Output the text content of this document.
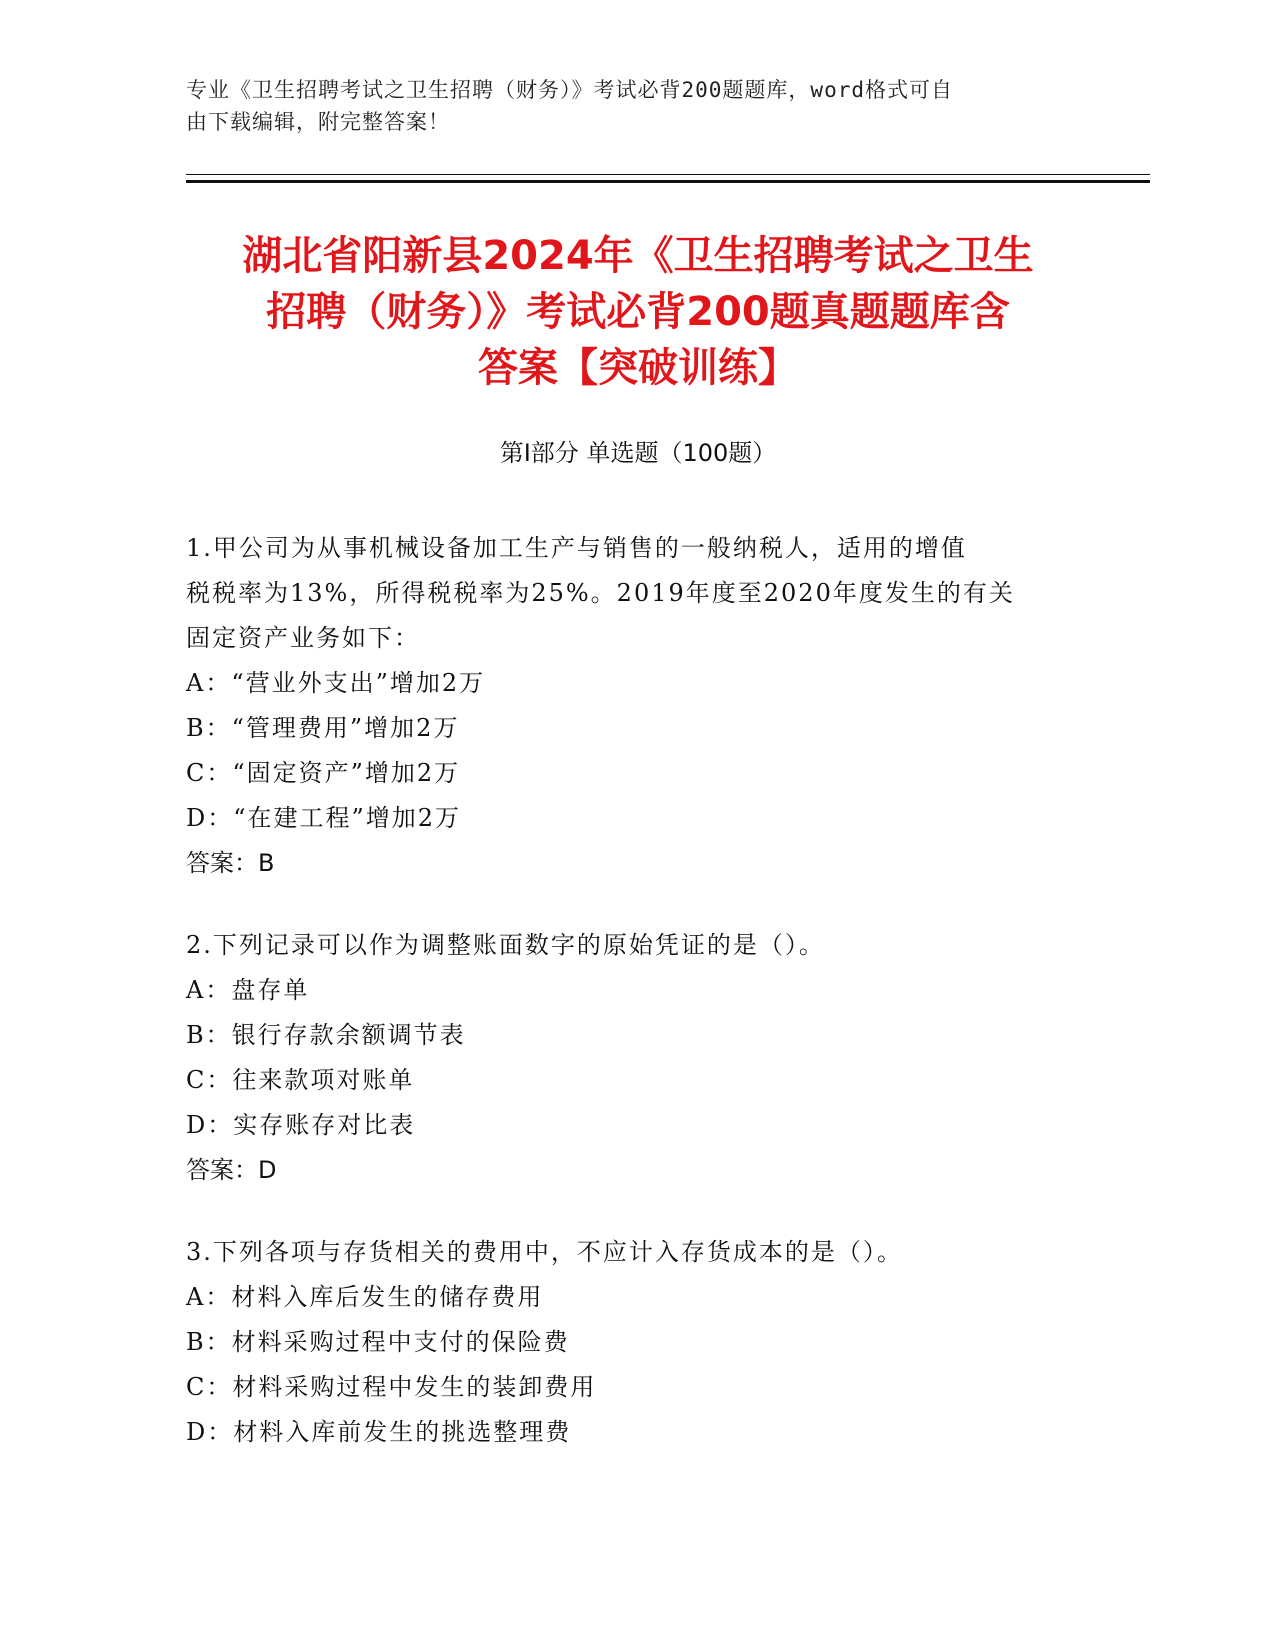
专业《卫生招聘考试之卫生招聘（财务）》考试必背200题题库，word格式可自
由下载编辑，附完整答案！
湖北省阳新县2024年《卫生招聘考试之卫生
招聘（财务）》考试必背200题真题题库含
答案【突破训练】
第Ⅰ部分 单选题（100题）
1.甲公司为从事机械设备加工生产与销售的一般纳税人，适用的增值
税税率为13%，所得税税率为25%。2019年度至2020年度发生的有关
固定资产业务如下：
A：“营业外支出”增加2万
B：“管理费用”增加2万
C：“固定资产”增加2万
D：“在建工程”增加2万
答案：B
2.下列记录可以作为调整账面数字的原始凭证的是（）。
A：盘存单
B：银行存款余额调节表
C：往来款项对账单
D：实存账存对比表
答案：D
3.下列各项与存货相关的费用中，不应计入存货成本的是（）。
A：材料入库后发生的储存费用
B：材料采购过程中支付的保险费
C：材料采购过程中发生的装卸费用
D：材料入库前发生的挑选整理费
